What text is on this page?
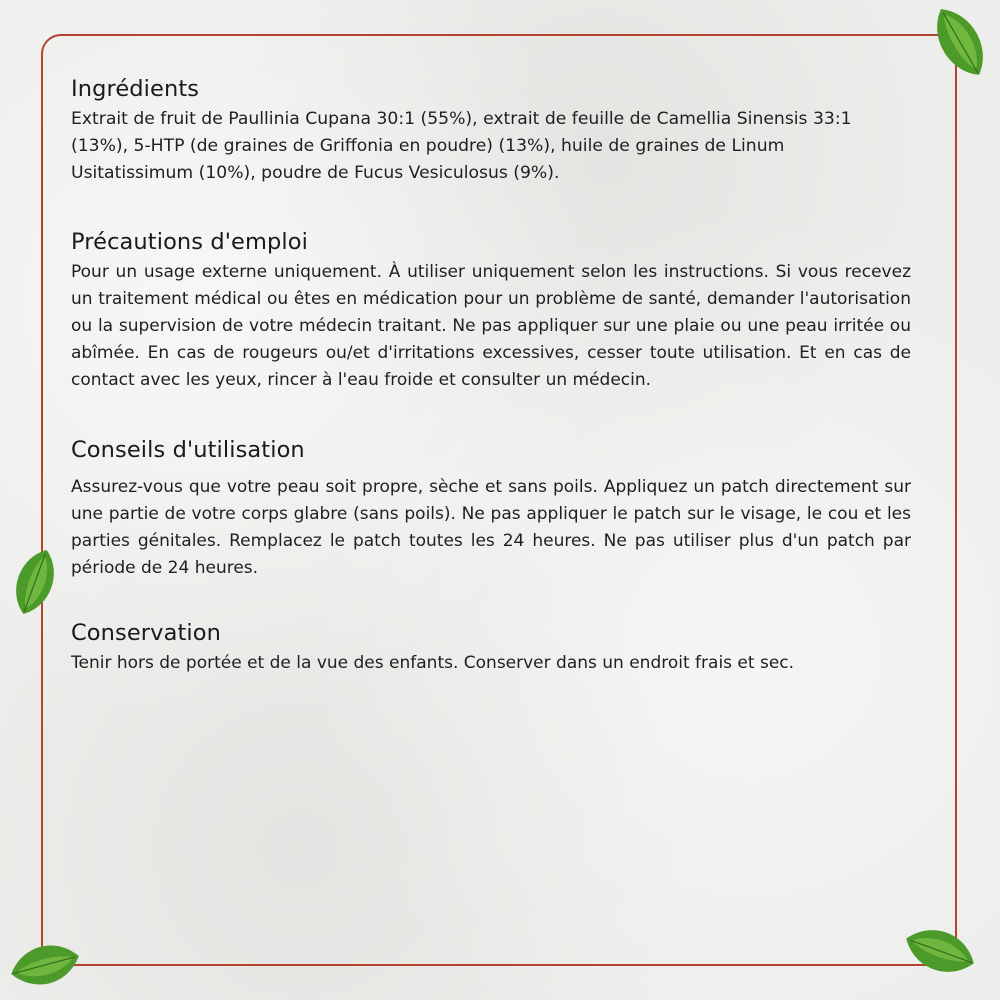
Ingrédients

Extrait de fruit de Paullinia Cupana 30:1 (55%), extrait de feuille de Camellia Sinensis 33:1 (13%), 5-HTP (de graines de Griffonia en poudre) (13%), huile de graines de Linum Usitatissimum (10%), poudre de Fucus Vesiculosus (9%).

Précautions d'emploi

Pour un usage externe uniquement. À utiliser uniquement selon les instructions. Si vous recevez un traitement médical ou êtes en médication pour un problème de santé, demander l'autorisation ou la supervision de votre médecin traitant. Ne pas appliquer sur une plaie ou une peau irritée ou abîmée. En cas de rougeurs ou/et d'irritations excessives, cesser toute utilisation. Et en cas de contact avec les yeux, rincer à l'eau froide et consulter un médecin.

Conseils d'utilisation

Assurez-vous que votre peau soit propre, sèche et sans poils. Appliquez un patch directement sur une partie de votre corps glabre (sans poils). Ne pas appliquer le patch sur le visage, le cou et les parties génitales. Remplacez le patch toutes les 24 heures. Ne pas utiliser plus d'un patch par période de 24 heures.

Conservation

Tenir hors de portée et de la vue des enfants. Conserver dans un endroit frais et sec.
